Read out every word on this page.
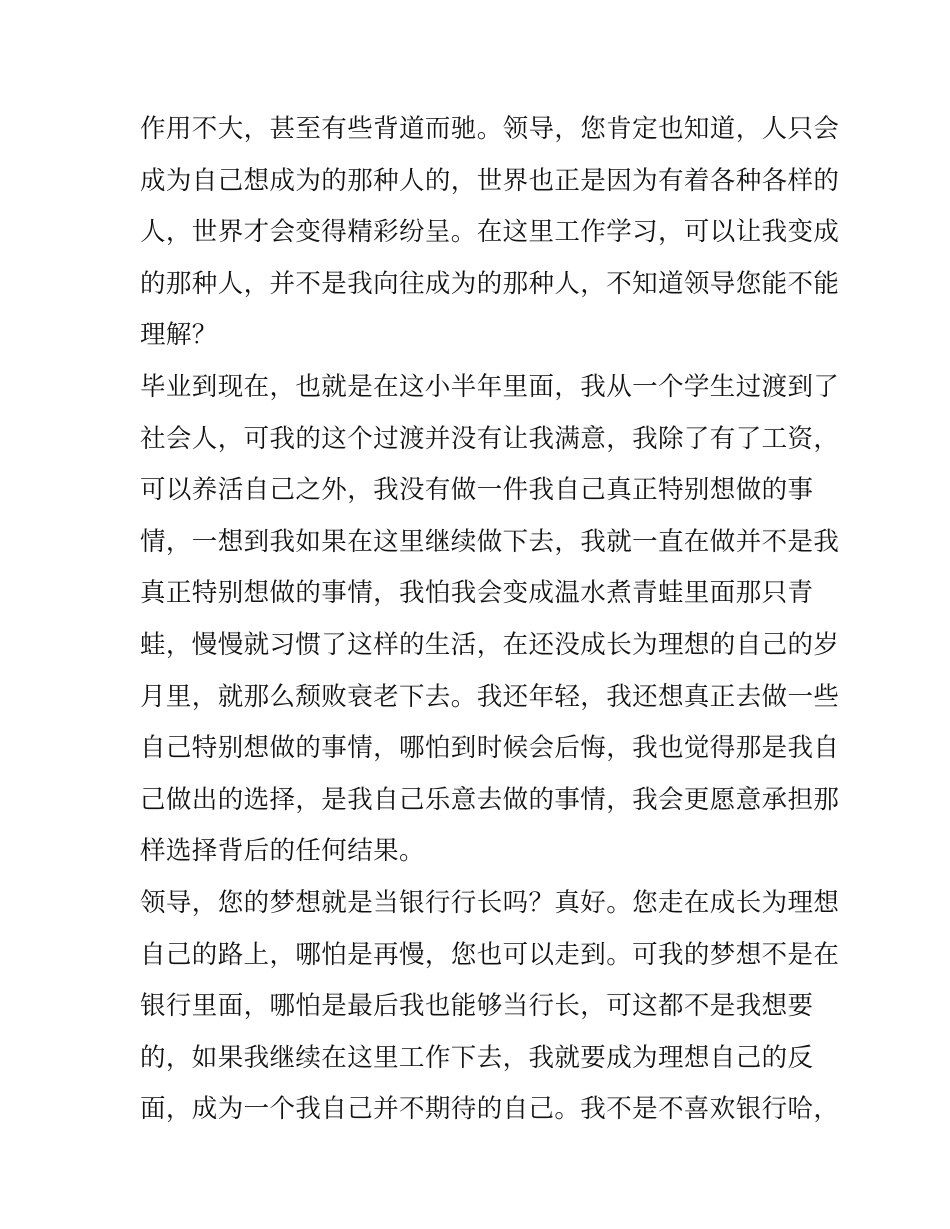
作用不大，甚至有些背道而驰。领导，您肯定也知道，人只会
成为自己想成为的那种人的，世界也正是因为有着各种各样的
人，世界才会变得精彩纷呈。在这里工作学习，可以让我变成
的那种人，并不是我向往成为的那种人，不知道领导您能不能
理解？
毕业到现在，也就是在这小半年里面，我从一个学生过渡到了
社会人，可我的这个过渡并没有让我满意，我除了有了工资，
可以养活自己之外，我没有做一件我自己真正特别想做的事
情，一想到我如果在这里继续做下去，我就一直在做并不是我
真正特别想做的事情，我怕我会变成温水煮青蛙里面那只青
蛙，慢慢就习惯了这样的生活，在还没成长为理想的自己的岁
月里，就那么颓败衰老下去。我还年轻，我还想真正去做一些
自己特别想做的事情，哪怕到时候会后悔，我也觉得那是我自
己做出的选择，是我自己乐意去做的事情，我会更愿意承担那
样选择背后的任何结果。
领导，您的梦想就是当银行行长吗？真好。您走在成长为理想
自己的路上，哪怕是再慢，您也可以走到。可我的梦想不是在
银行里面，哪怕是最后我也能够当行长，可这都不是我想要
的，如果我继续在这里工作下去，我就要成为理想自己的反
面，成为一个我自己并不期待的自己。我不是不喜欢银行哈，
